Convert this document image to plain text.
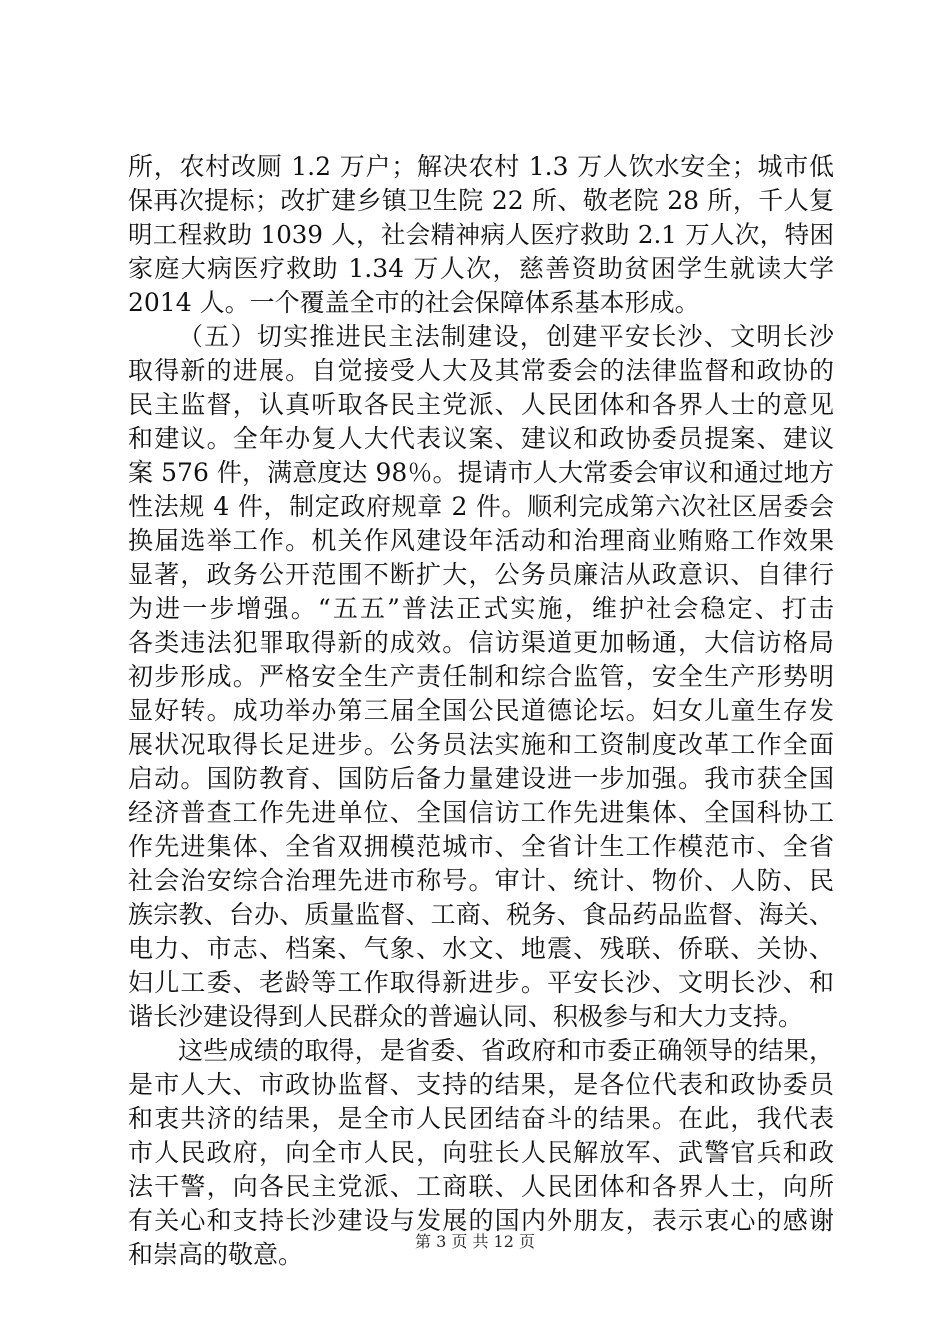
所，农村改厕 1.2 万户；解决农村 1.3 万人饮水安全；城市低
保再次提标；改扩建乡镇卫生院 22 所、敬老院 28 所，千人复
明工程救助 1039 人，社会精神病人医疗救助 2.1 万人次，特困
家庭大病医疗救助 1.34 万人次，慈善资助贫困学生就读大学
2014 人。一个覆盖全市的社会保障体系基本形成。
（五）切实推进民主法制建设，创建平安长沙、文明长沙
取得新的进展。自觉接受人大及其常委会的法律监督和政协的
民主监督，认真听取各民主党派、人民团体和各界人士的意见
和建议。全年办复人大代表议案、建议和政协委员提案、建议
案 576 件，满意度达 98％。提请市人大常委会审议和通过地方
性法规 4 件，制定政府规章 2 件。顺利完成第六次社区居委会
换届选举工作。机关作风建设年活动和治理商业贿赂工作效果
显著，政务公开范围不断扩大，公务员廉洁从政意识、自律行
为进一步增强。“五五”普法正式实施，维护社会稳定、打击
各类违法犯罪取得新的成效。信访渠道更加畅通，大信访格局
初步形成。严格安全生产责任制和综合监管，安全生产形势明
显好转。成功举办第三届全国公民道德论坛。妇女儿童生存发
展状况取得长足进步。公务员法实施和工资制度改革工作全面
启动。国防教育、国防后备力量建设进一步加强。我市获全国
经济普查工作先进单位、全国信访工作先进集体、全国科协工
作先进集体、全省双拥模范城市、全省计生工作模范市、全省
社会治安综合治理先进市称号。审计、统计、物价、人防、民
族宗教、台办、质量监督、工商、税务、食品药品监督、海关、
电力、市志、档案、气象、水文、地震、残联、侨联、关协、
妇儿工委、老龄等工作取得新进步。平安长沙、文明长沙、和
谐长沙建设得到人民群众的普遍认同、积极参与和大力支持。
这些成绩的取得，是省委、省政府和市委正确领导的结果，
是市人大、市政协监督、支持的结果，是各位代表和政协委员
和衷共济的结果，是全市人民团结奋斗的结果。在此，我代表
市人民政府，向全市人民，向驻长人民解放军、武警官兵和政
法干警，向各民主党派、工商联、人民团体和各界人士，向所
有关心和支持长沙建设与发展的国内外朋友，表示衷心的感谢
和崇高的敬意。	第 3 页 共 12 页
